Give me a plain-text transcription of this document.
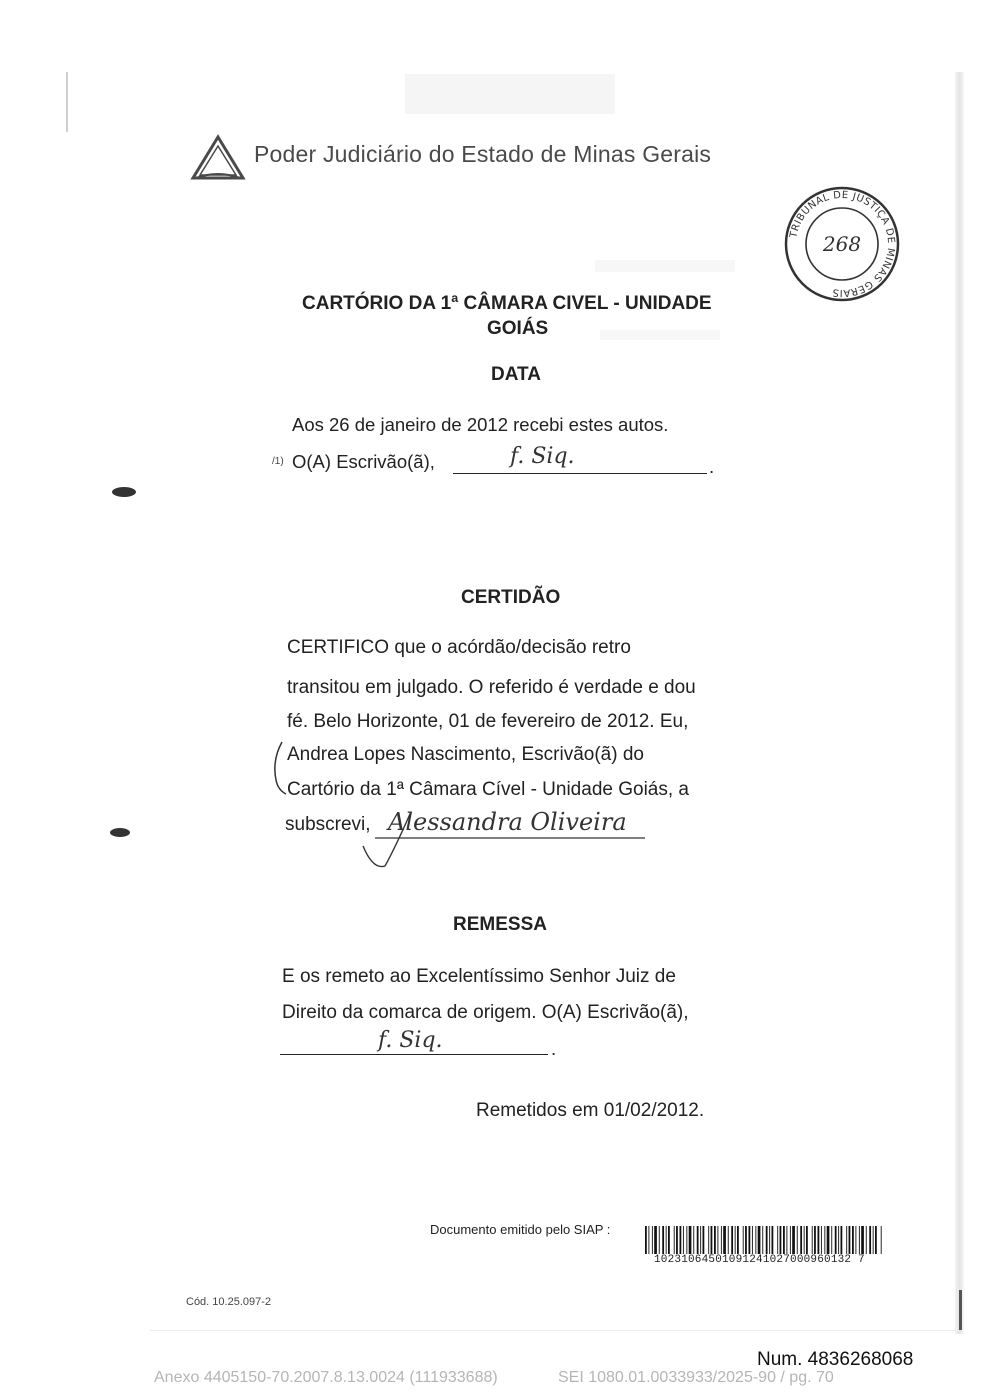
Poder Judiciário do Estado de Minas Gerais
TRIBUNAL DE JUSTIÇA DE MINAS GERAIS
268
CARTÓRIO DA 1ª CÂMARA CIVEL - UNIDADE
GOIÁS
DATA
Aos 26 de janeiro de 2012 recebi estes autos.
/1) O(A) Escrivão(ã),	f. Siq.	.
CERTIDÃO
CERTIFICO que o acórdão/decisão retro
transitou em julgado. O referido é verdade e dou
fé. Belo Horizonte, 01 de fevereiro de 2012. Eu,
Andrea Lopes Nascimento, Escrivão(ã) do
Cartório da 1ª Câmara Cível - Unidade Goiás, a
subscrevi, Alessandra Oliveira
REMESSA
E os remeto ao Excelentíssimo Senhor Juiz de
Direito da comarca de origem. O(A) Escrivão(ã),
f. Siq.	.
Remetidos em 01/02/2012.
Documento emitido pelo SIAP :
10231064501091241027000960132 7
Cód. 10.25.097-2
Num. 4836268068
Anexo 4405150-70.2007.8.13.0024 (111933688)	SEI 1080.01.0033933/2025-90 / pg. 70
